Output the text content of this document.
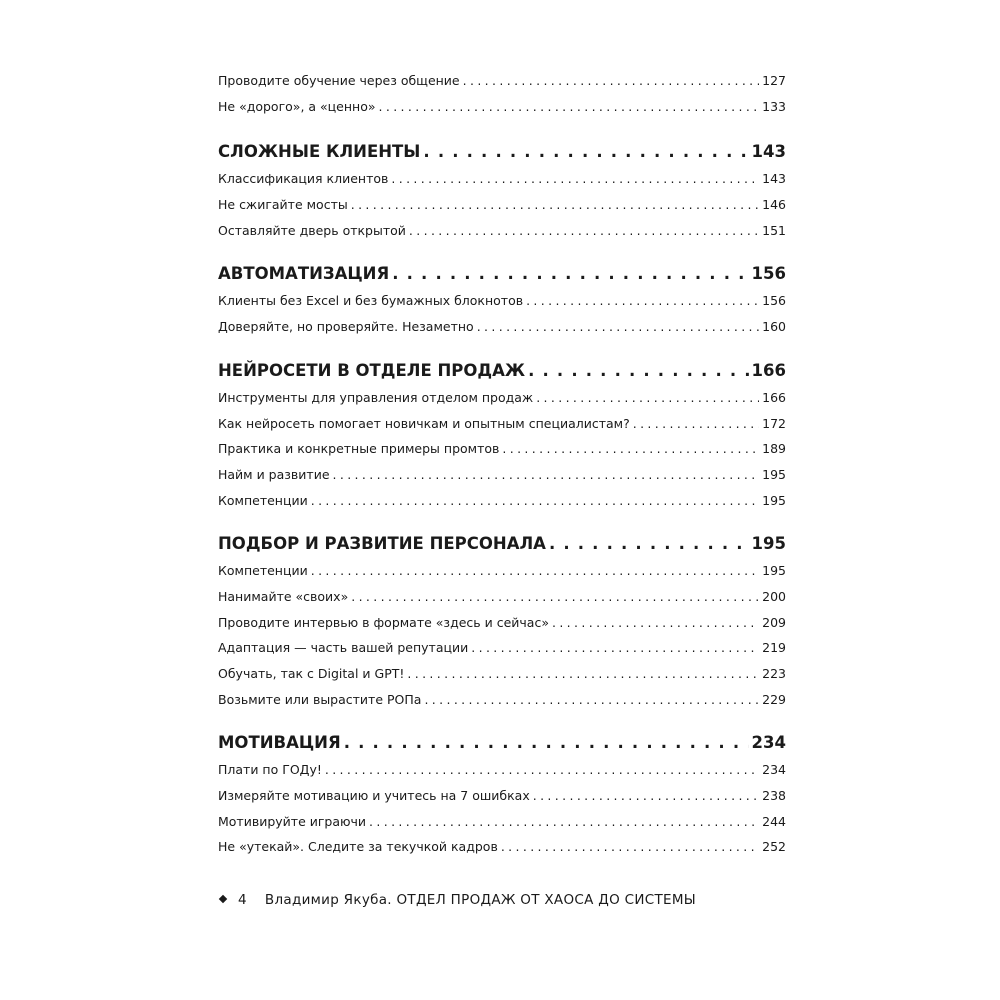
Проводите обучение через общение . . .	127
Не «дорого», а «ценно» . . .	133
СЛОЖНЫЕ КЛИЕНТЫ . . .	143
Классификация клиентов . . .	143
Не сжигайте мосты . . .	146
Оставляйте дверь открытой . . .	151
АВТОМАТИЗАЦИЯ . . .	156
Клиенты без Excel и без бумажных блокнотов . . .	156
Доверяйте, но проверяйте. Незаметно . . .	160
НЕЙРОСЕТИ В ОТДЕЛЕ ПРОДАЖ . . .	166
Инструменты для управления отделом продаж . . .	166
Как нейросеть помогает новичкам и опытным специалистам? . . .	172
Практика и конкретные примеры промтов . . .	189
Найм и развитие . . .	195
Компетенции . . .	195
ПОДБОР И РАЗВИТИЕ ПЕРСОНАЛА . . .	195
Компетенции . . .	195
Нанимайте «своих» . . .	200
Проводите интервью в формате «здесь и сейчас» . . .	209
Адаптация — часть вашей репутации . . .	219
Обучать, так с Digital и GPT! . . .	223
Возьмите или вырастите РОПа . . .	229
МОТИВАЦИЯ . . .	234
Плати по ГОДу! . . .	234
Измеряйте мотивацию и учитесь на 7 ошибках . . .	238
Мотивируйте играючи . . .	244
Не «утекай». Следите за текучкой кадров . . .	252
4 Владимир Якуба. ОТДЕЛ ПРОДАЖ ОТ ХАОСА ДО СИСТЕМЫ
